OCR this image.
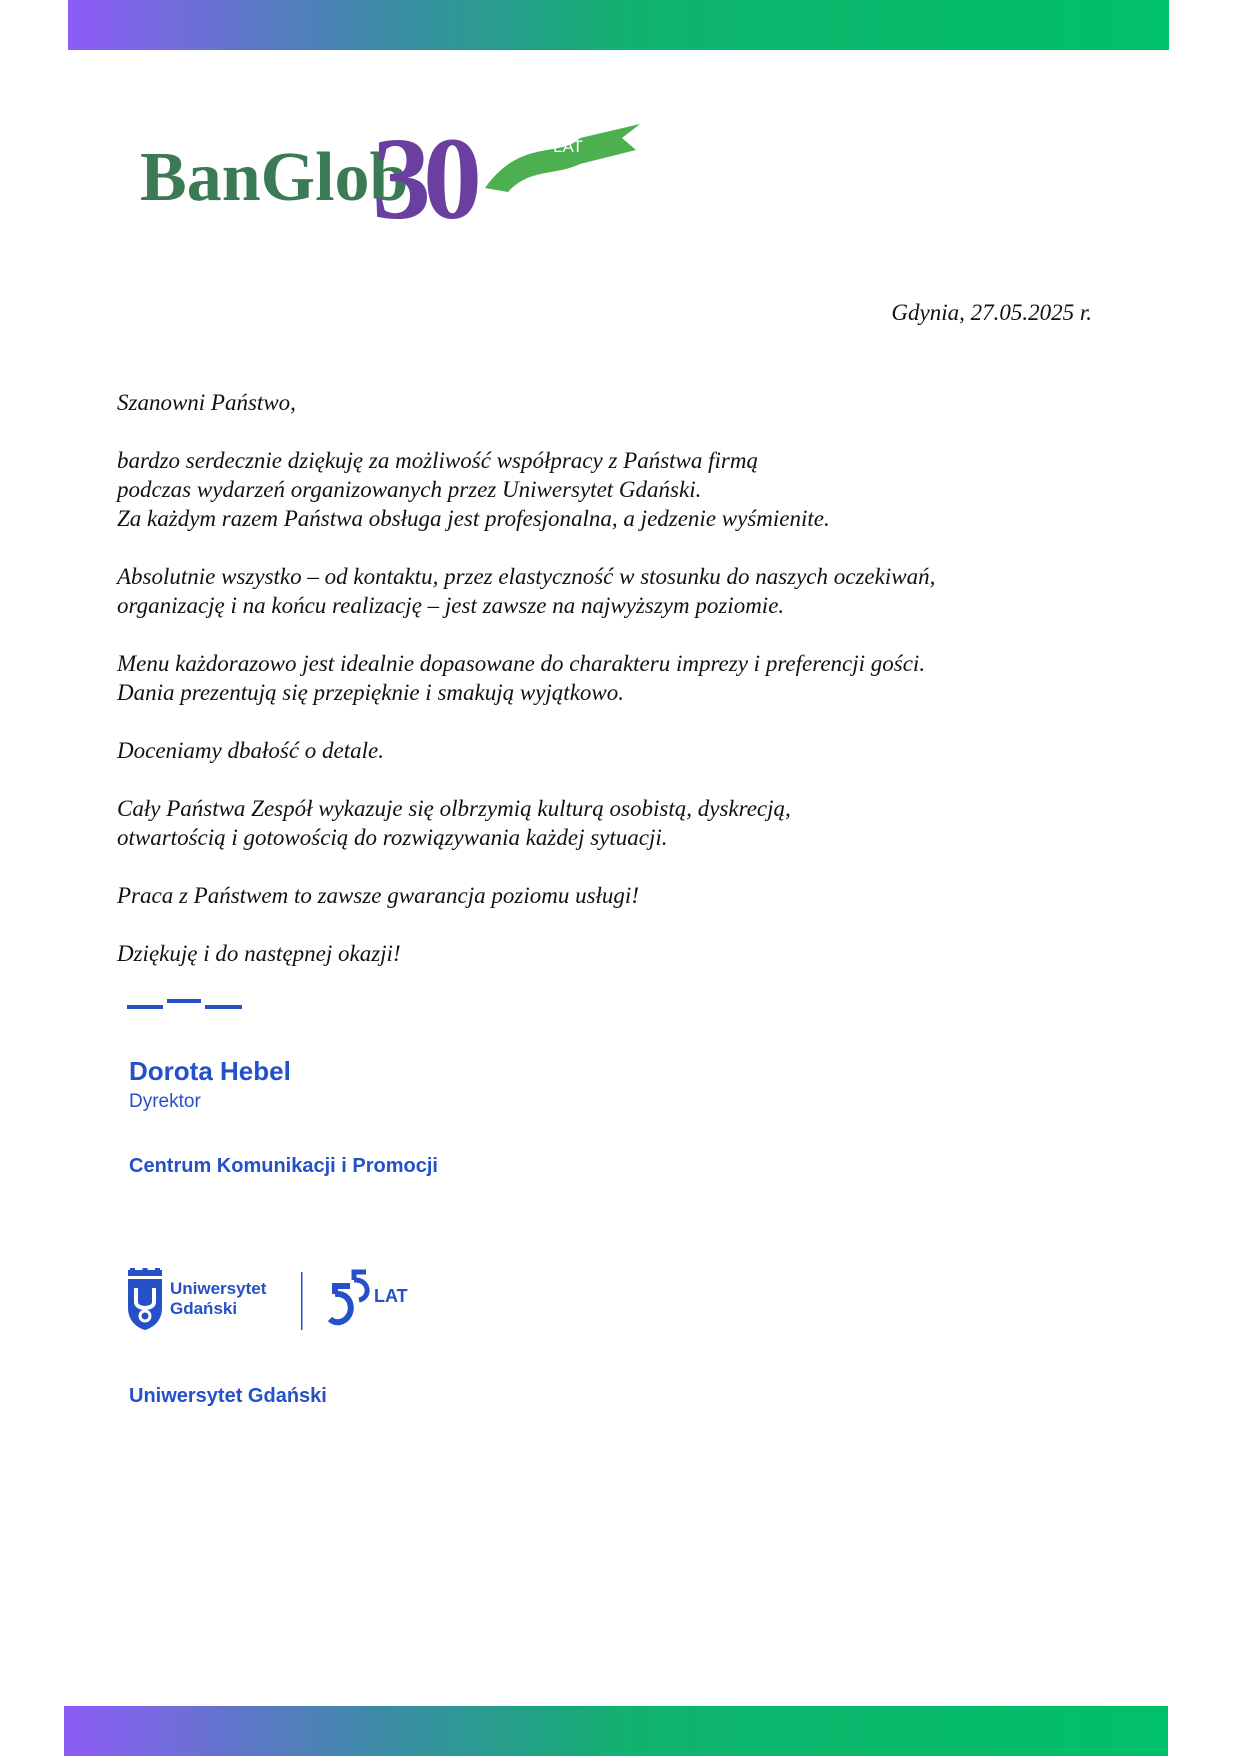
BanGlob
30	LAT
Gdynia, 27.05.2025 r.

Szanowni Państwo,

bardzo serdecznie dziękuję za możliwość współpracy z Państwa firmą
podczas wydarzeń organizowanych przez Uniwersytet Gdański.
Za każdym razem Państwa obsługa jest profesjonalna, a jedzenie wyśmienite.

Absolutnie wszystko – od kontaktu, przez elastyczność w stosunku do naszych oczekiwań,
organizację i na końcu realizację – jest zawsze na najwyższym poziomie.

Menu każdorazowo jest idealnie dopasowane do charakteru imprezy i preferencji gości.
Dania prezentują się przepięknie i smakują wyjątkowo.

Doceniamy dbałość o detale.

Cały Państwa Zespół wykazuje się olbrzymią kulturą osobistą, dyskrecją,
otwartością i gotowością do rozwiązywania każdej sytuacji.

Praca z Państwem to zawsze gwarancja poziomu usługi!

Dziękuję i do następnej okazji!

Dorota Hebel
Dyrektor
Centrum Komunikacji i Promocji
Uniwersytet
Gdański
LAT
Uniwersytet Gdański
